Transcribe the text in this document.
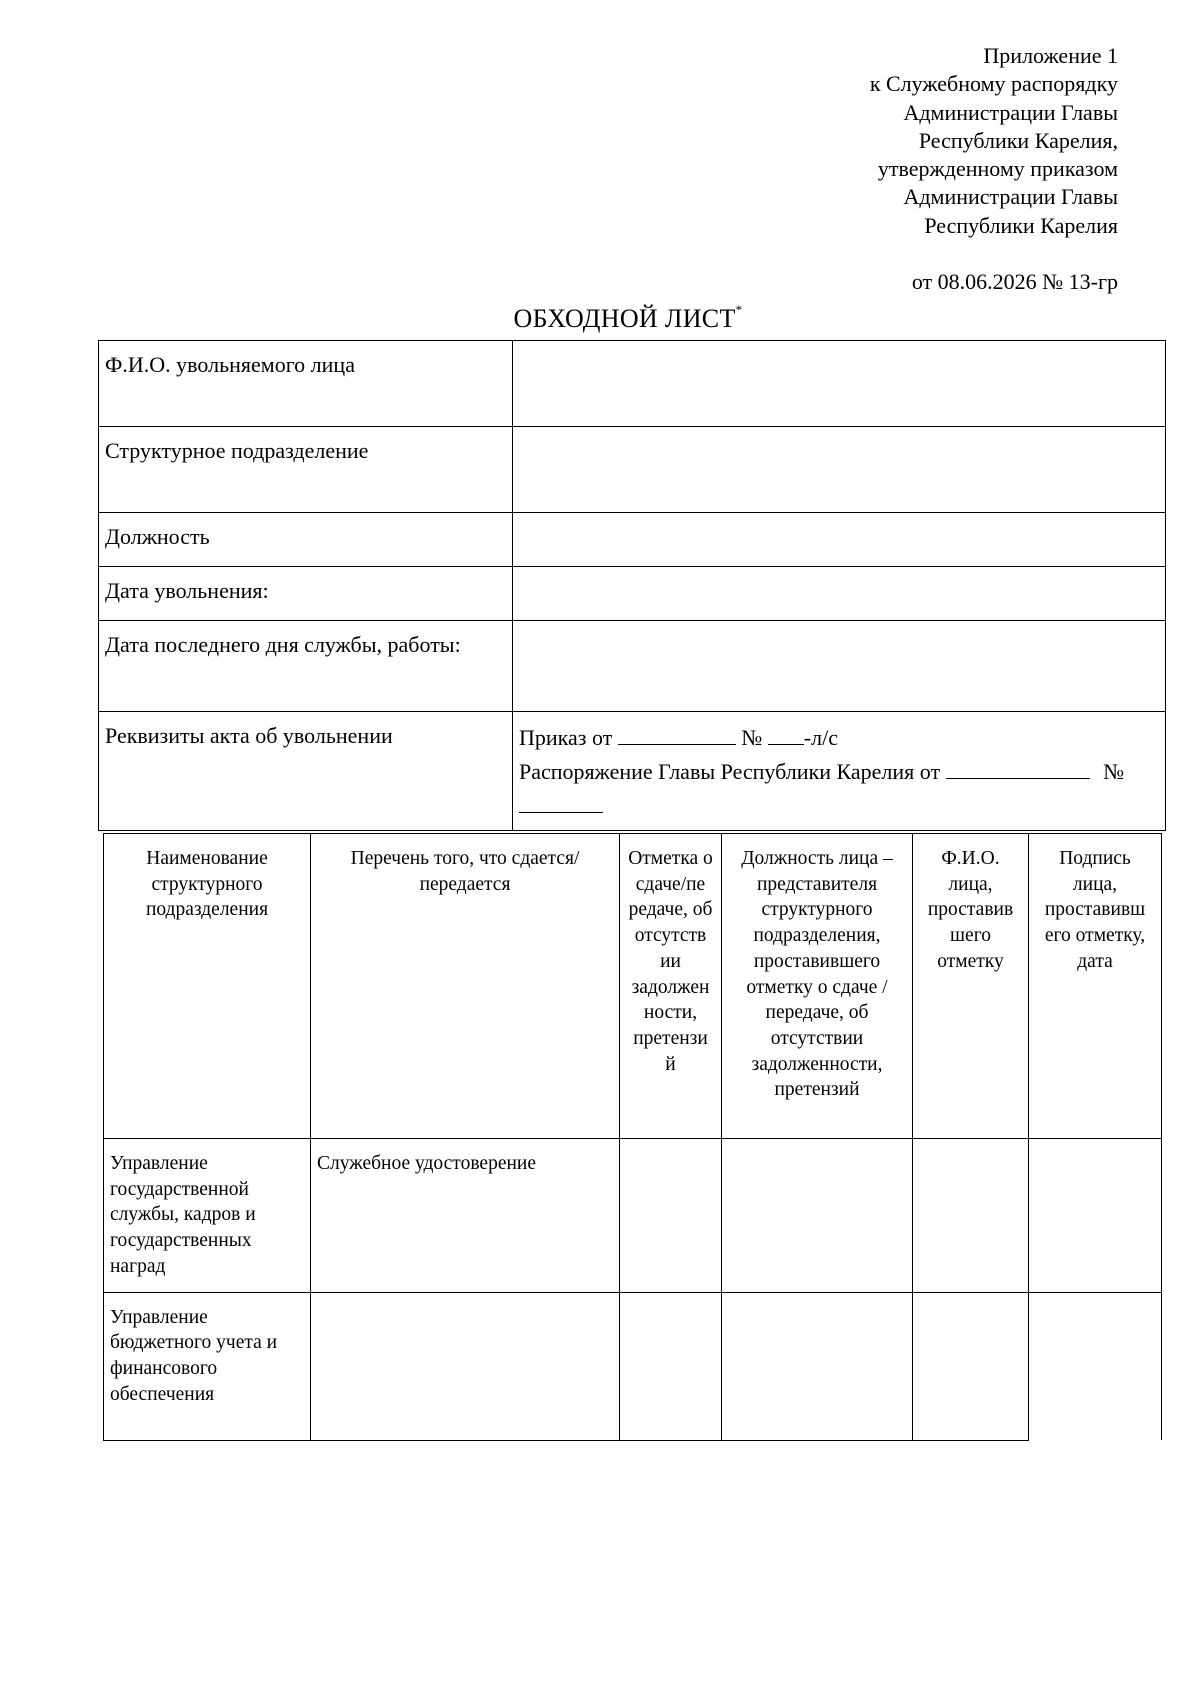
Приложение 1
к Служебному распорядку
Администрации Главы
Республики Карелия,
утвержденному приказом
Администрации Главы
Республики Карелия
от 08.06.2026 № 13-гр
ОБХОДНОЙ ЛИСТ*
Ф.И.О. увольняемого лица	
Структурное подразделение	
Должность	
Дата увольнения:	
Дата последнего дня службы, работы:	
Реквизиты акта об увольнении	Приказ от № -л/с
Распоряжение Главы Республики Карелия от №
Наименование структурного подразделения	Перечень того, что сдается/ передается	Отметка о сдаче/пе редаче, об отсутств ии задолжен ности, претензи й	Должность лица – представителя структурного подразделения, проставившего отметку о сдаче /передаче, об отсутствии задолженности, претензий	Ф.И.О. лица, проставив шего отметку	Подпись лица, проставивш его отметку, дата
Управление государственной службы, кадров и государственных наград	Служебное удостоверение				
Управление бюджетного учета и финансового обеспечения					
